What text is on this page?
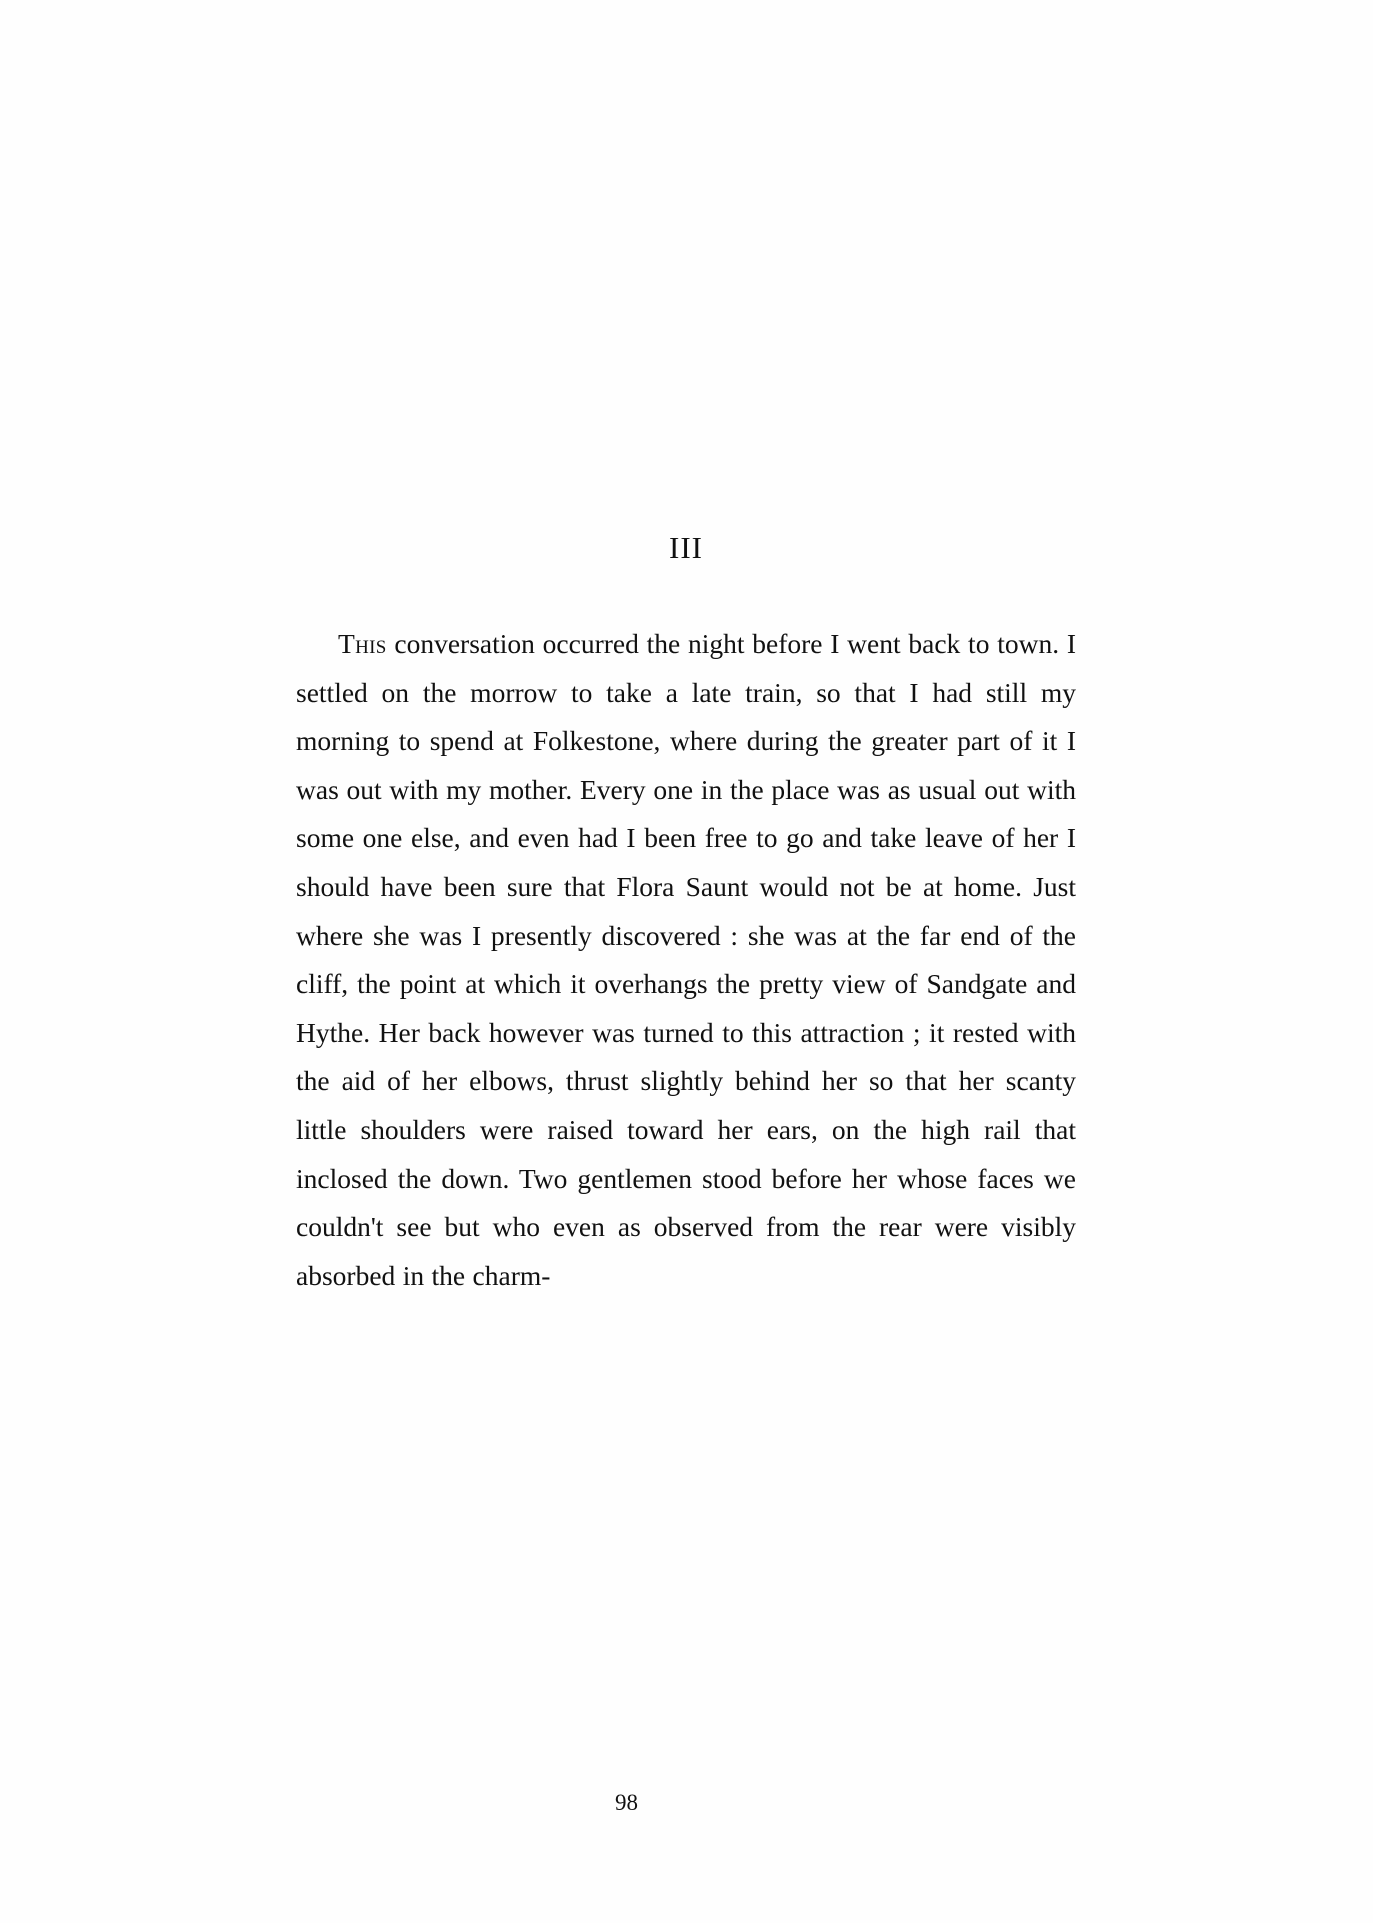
III

This conversation occurred the night before I went back to town. I settled on the morrow to take a late train, so that I had still my morning to spend at Folkestone, where during the greater part of it I was out with my mother. Every one in the place was as usual out with some one else, and even had I been free to go and take leave of her I should have been sure that Flora Saunt would not be at home. Just where she was I presently discovered : she was at the far end of the cliff, the point at which it overhangs the pretty view of Sandgate and Hythe. Her back however was turned to this attraction ; it rested with the aid of her elbows, thrust slightly behind her so that her scanty little shoulders were raised toward her ears, on the high rail that inclosed the down. Two gentlemen stood before her whose faces we couldn't see but who even as observed from the rear were visibly absorbed in the charm-

98
